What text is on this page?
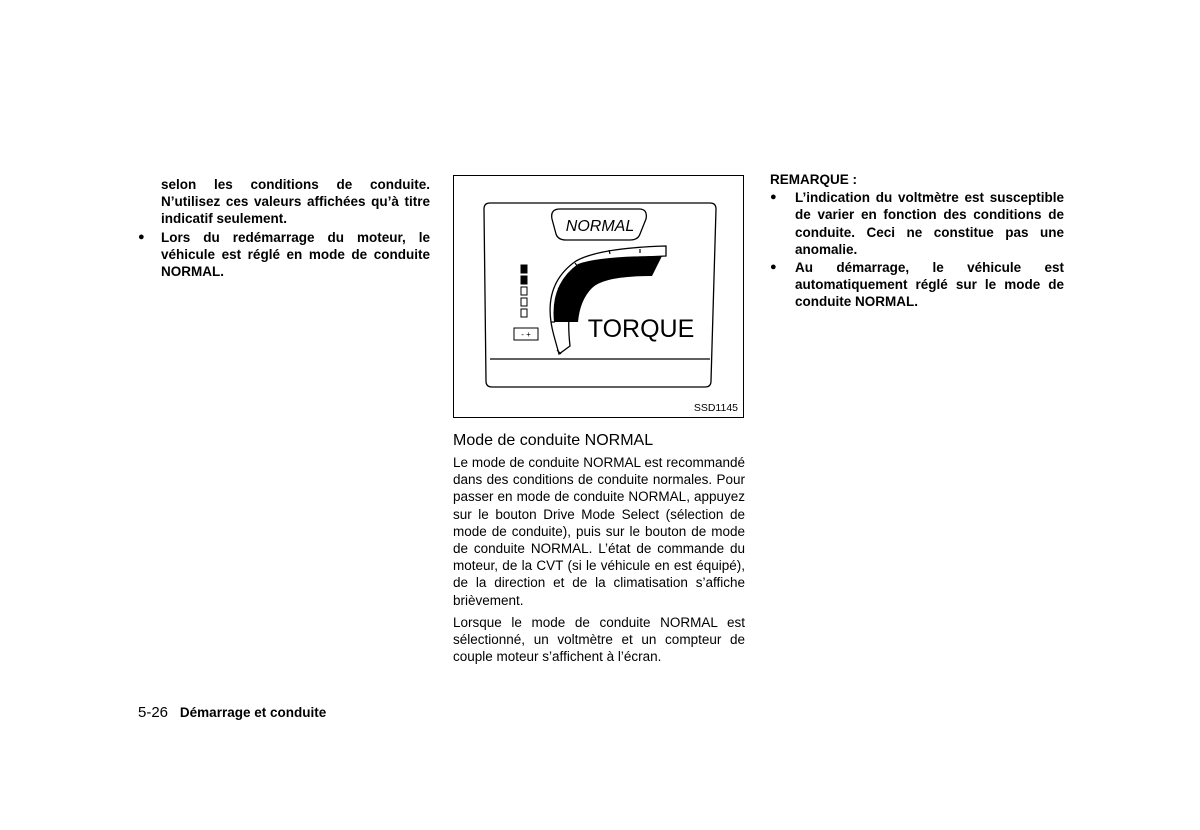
selon les conditions de conduite. N’utilisez ces valeurs affichées qu’à titre indicatif seulement.
●	Lors du redémarrage du moteur, le véhicule est réglé en mode de conduite NORMAL.
NORMAL
- + TORQUE
SSD1145
Mode de conduite NORMAL

Le mode de conduite NORMAL est recommandé dans des conditions de conduite normales. Pour passer en mode de conduite NORMAL, appuyez sur le bouton Drive Mode Select (sélection de mode de conduite), puis sur le bouton de mode de conduite NORMAL. L’état de commande du moteur, de la CVT (si le véhicule en est équipé), de la direction et de la climatisation s’affiche brièvement.

Lorsque le mode de conduite NORMAL est sélectionné, un voltmètre et un compteur de couple moteur s’affichent à l’écran.

REMARQUE :
●	L’indication du voltmètre est susceptible de varier en fonction des conditions de conduite. Ceci ne constitue pas une anomalie.
●	Au démarrage, le véhicule est automatiquement réglé sur le mode de conduite NORMAL.
5-26 Démarrage et conduite
